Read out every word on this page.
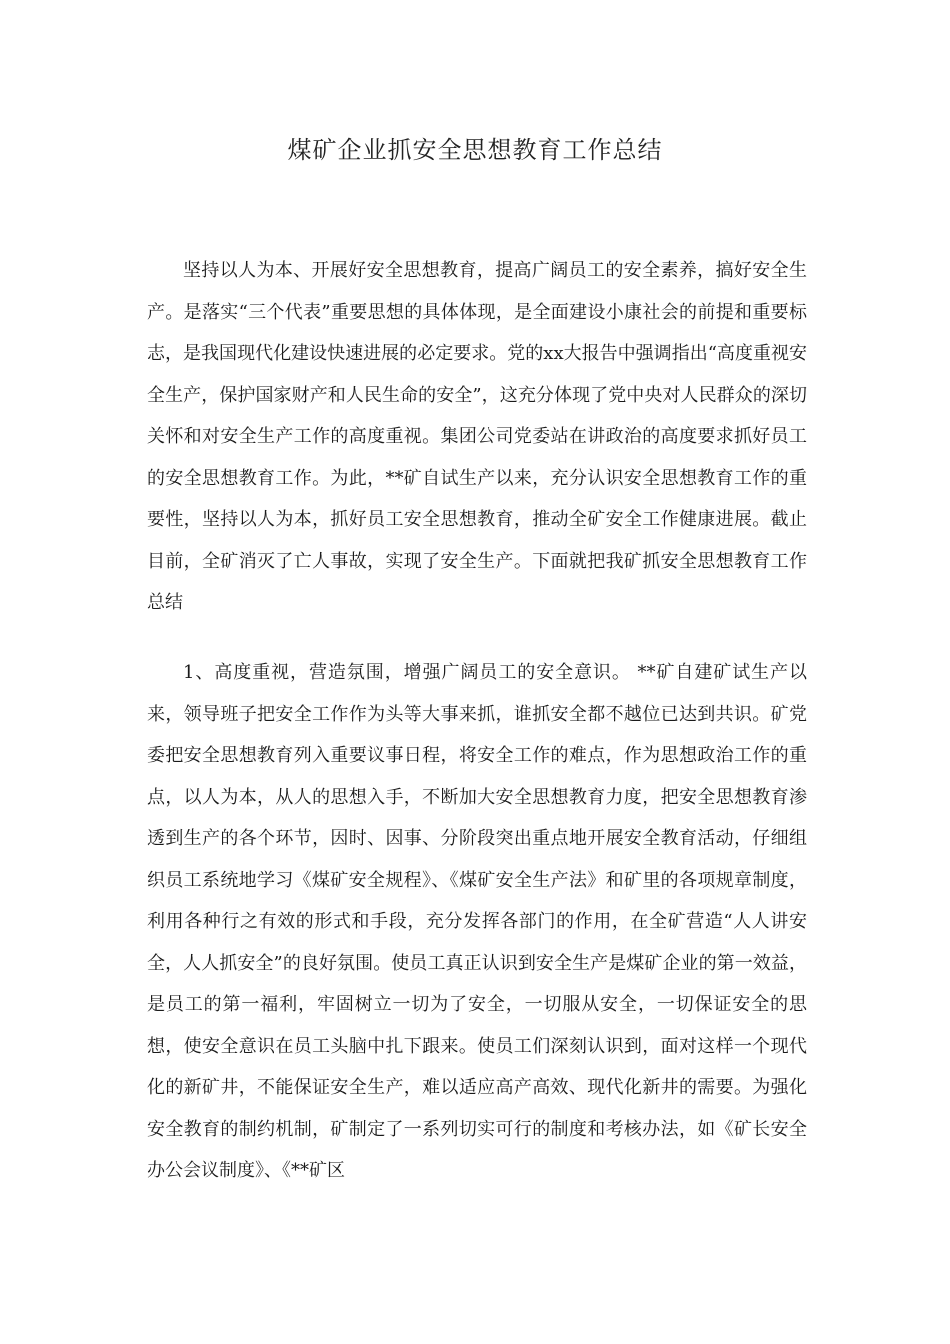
煤矿企业抓安全思想教育工作总结

坚持以人为本、开展好安全思想教育，提高广阔员工的安全素养，搞好安全生产。是落实“三个代表”重要思想的具体体现，是全面建设小康社会的前提和重要标志，是我国现代化建设快速进展的必定要求。党的xx大报告中强调指出“高度重视安全生产，保护国家财产和人民生命的安全”，这充分体现了党中央对人民群众的深切关怀和对安全生产工作的高度重视。集团公司党委站在讲政治的高度要求抓好员工的安全思想教育工作。为此，**矿自试生产以来，充分认识安全思想教育工作的重要性，坚持以人为本，抓好员工安全思想教育，推动全矿安全工作健康进展。截止目前，全矿消灭了亡人事故，实现了安全生产。下面就把我矿抓安全思想教育工作总结

1、高度重视，营造氛围，增强广阔员工的安全意识。 **矿自建矿试生产以来，领导班子把安全工作作为头等大事来抓，谁抓安全都不越位已达到共识。矿党委把安全思想教育列入重要议事日程，将安全工作的难点，作为思想政治工作的重点，以人为本，从人的思想入手，不断加大安全思想教育力度，把安全思想教育渗透到生产的各个环节，因时、因事、分阶段突出重点地开展安全教育活动，仔细组织员工系统地学习《煤矿安全规程》、《煤矿安全生产法》和矿里的各项规章制度，利用各种行之有效的形式和手段，充分发挥各部门的作用，在全矿营造“人人讲安全，人人抓安全”的良好氛围。使员工真正认识到安全生产是煤矿企业的第一效益，是员工的第一福利，牢固树立一切为了安全，一切服从安全，一切保证安全的思想，使安全意识在员工头脑中扎下跟来。使员工们深刻认识到，面对这样一个现代化的新矿井，不能保证安全生产，难以适应高产高效、现代化新井的需要。为强化安全教育的制约机制，矿制定了一系列切实可行的制度和考核办法，如《矿长安全办公会议制度》、《**矿区
